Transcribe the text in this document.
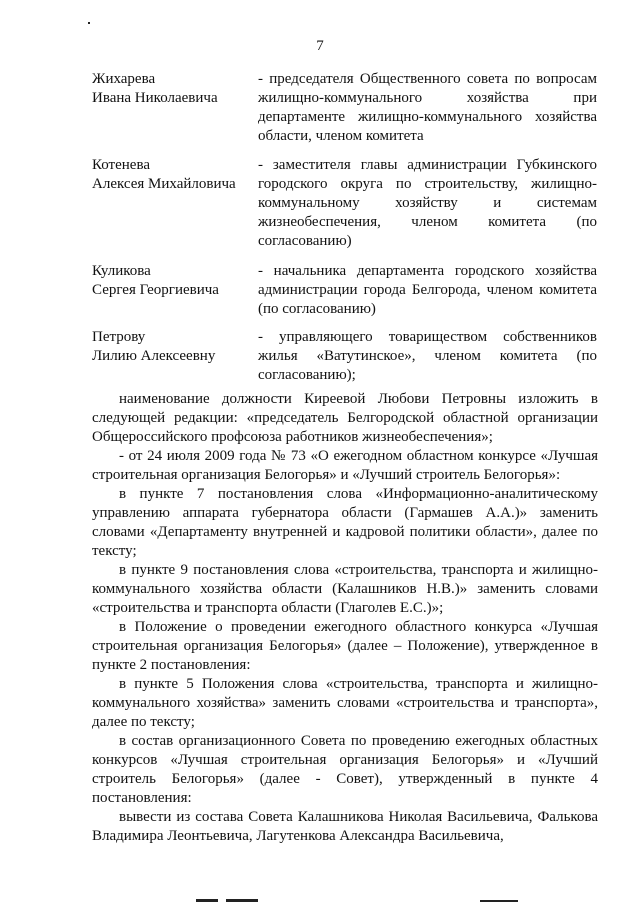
7
Жихарева
Ивана Николаевича
- председателя Общественного совета по вопросам жилищно-коммунального хозяйства при департаменте жилищно-коммунального хозяйства области, членом комитета
Котенева
Алексея Михайловича
- заместителя главы администрации Губкинского городского округа по строительству, жилищно-коммунальному хозяйству и системам жизнеобеспечения, членом комитета (по согласованию)
Куликова
Сергея Георгиевича
- начальника департамента городского хозяйства администрации города Белгорода, членом комитета (по согласованию)
Петрову
Лилию Алексеевну
- управляющего товариществом собственников жилья «Ватутинское», членом комитета (по согласованию);

наименование должности Киреевой Любови Петровны изложить в следующей редакции: «председатель Белгородской областной организации Общероссийского профсоюза работников жизнеобеспечения»;

- от 24 июля 2009 года № 73 «О ежегодном областном конкурсе «Лучшая строительная организация Белогорья» и «Лучший строитель Белогорья»:

в пункте 7 постановления слова «Информационно-аналитическому управлению аппарата губернатора области (Гармашев А.А.)» заменить словами «Департаменту внутренней и кадровой политики области», далее по тексту;

в пункте 9 постановления слова «строительства, транспорта и жилищно-коммунального хозяйства области (Калашников Н.В.)» заменить словами «строительства и транспорта области (Глаголев Е.С.)»;

в Положение о проведении ежегодного областного конкурса «Лучшая строительная организация Белогорья» (далее – Положение), утвержденное в пункте 2 постановления:

в пункте 5 Положения слова «строительства, транспорта и жилищно-коммунального хозяйства» заменить словами «строительства и транспорта», далее по тексту;

в состав организационного Совета по проведению ежегодных областных конкурсов «Лучшая строительная организация Белогорья» и «Лучший строитель Белогорья» (далее - Совет), утвержденный в пункте 4 постановления:

вывести из состава Совета Калашникова Николая Васильевича, Фалькова Владимира Леонтьевича, Лагутенкова Александра Васильевича,
